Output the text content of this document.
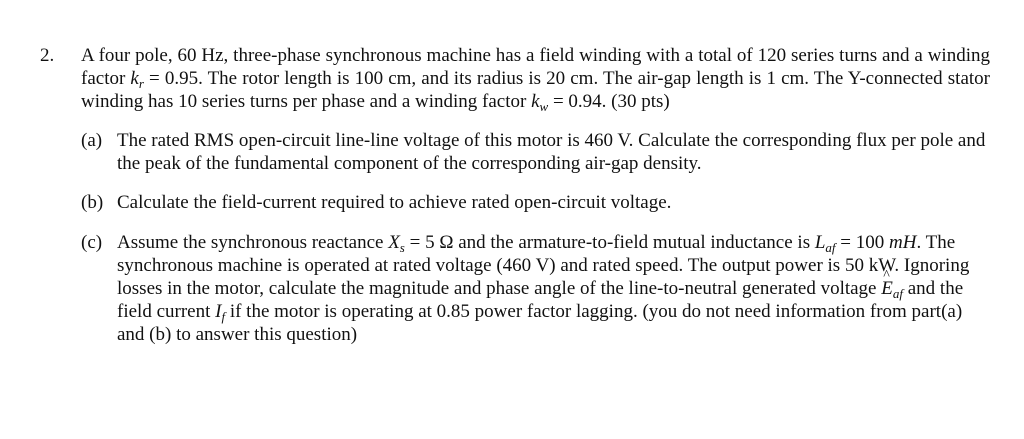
2. A four pole, 60 Hz, three-phase synchronous machine has a field winding with a total of 120 series turns and a winding factor $k_r = 0.95$. The rotor length is 100 cm, and its radius is 20 cm. The air-gap length is 1 cm. The Y-connected stator winding has 10 series turns per phase and a winding factor $k_w = 0.94$. (30 pts)
(a) The rated RMS open-circuit line-line voltage of this motor is 460 V. Calculate the corresponding flux per pole and the peak of the fundamental component of the corresponding air-gap density.
(b) Calculate the field-current required to achieve rated open-circuit voltage.
(c) Assume the synchronous reactance $X_s = 5$ Ω and the armature-to-field mutual inductance is $L_{af} = 100$ mH. The synchronous machine is operated at rated voltage (460 V) and rated speed. The output power is 50 kW. Ignoring losses in the motor, calculate the magnitude and phase angle of the line-to-neutral generated voltage ^ $E_{af}$ and the field current $I_f$ if the motor is operating at 0.85 power factor lagging. (you do not need information from part(a) and (b) to answer this question)
